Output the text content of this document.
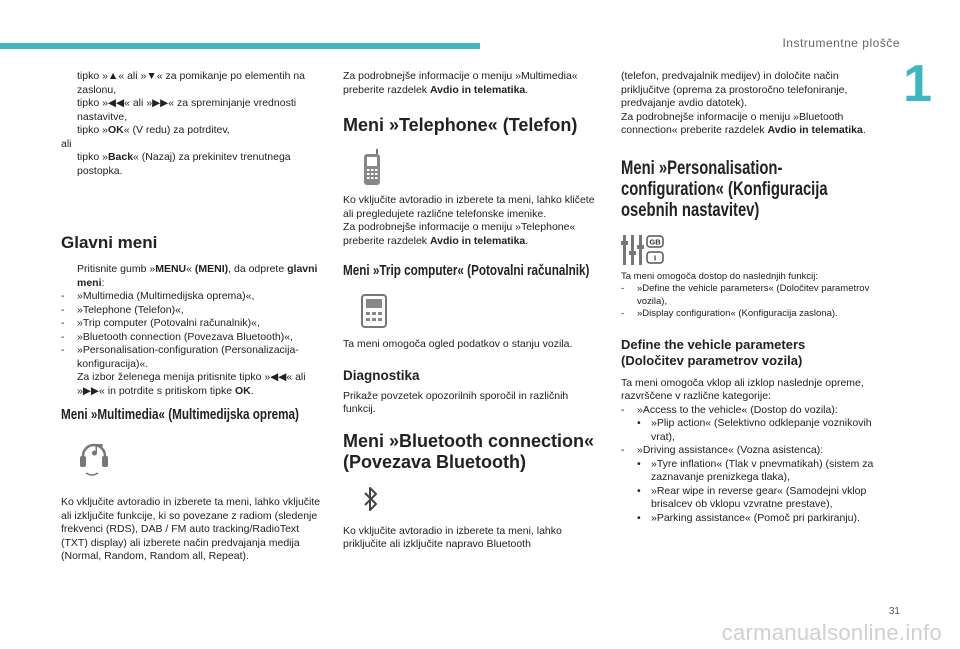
Instrumentne plošče
1
tipko »▲« ali »▼« za pomikanje po elementih na zaslonu,
tipko »◀◀« ali »▶▶« za spreminjanje vrednosti nastavitve,
tipko »OK« (V redu) za potrditev,

ali

tipko »Back« (Nazaj) za prekinitev trenutnega postopka.
Glavni meni
Pritisnite gumb »MENU« (MENI), da odprete glavni meni:
- »Multimedia (Multimedijska oprema)«,
- »Telephone (Telefon)«,
- »Trip computer (Potovalni računalnik)«,
- »Bluetooth connection (Povezava Bluetooth)«,
- »Personalisation-configuration (Personalizacija-konfiguracija)«.
Za izbor želenega menija pritisnite tipko »◀◀« ali »▶▶« in potrdite s pritiskom tipke OK.
Meni »Multimedia« (Multimedijska oprema)

Ko vključite avtoradio in izberete ta meni, lahko vključite ali izključite funkcije, ki so povezane z radiom (sledenje frekvenci (RDS), DAB / FM auto tracking/RadioText (TXT) display) ali izberete način predvajanja medija (Normal, Random, Random all, Repeat).

Za podrobnejše informacije o meniju »Multimedia« preberite razdelek Avdio in telematika.

Meni »Telephone« (Telefon)

Ko vključite avtoradio in izberete ta meni, lahko kličete ali pregledujete različne telefonske imenike.

Za podrobnejše informacije o meniju »Telephone« preberite razdelek Avdio in telematika.

Meni »Trip computer« (Potovalni računalnik)

Ta meni omogoča ogled podatkov o stanju vozila.

Diagnostika

Prikaže povzetek opozorilnih sporočil in različnih funkcij.

Meni »Bluetooth connection« (Povezava Bluetooth)

Ko vključite avtoradio in izberete ta meni, lahko priključite ali izključite napravo Bluetooth

(telefon, predvajalnik medijev) in določite način priključitve (oprema za prostoročno telefoniranje, predvajanje avdio datotek).

Za podrobnejše informacije o meniju »Bluetooth connection« preberite razdelek Avdio in telematika.

Meni »Personalisation-configuration« (Konfiguracija osebnih nastavitev)
GB
I

Ta meni omogoča dostop do naslednjih funkcij:

- »Define the vehicle parameters« (Določitev parametrov vozila),
- »Display configuration« (Konfiguracija zaslona).
Define the vehicle parameters (Določitev parametrov vozila)

Ta meni omogoča vklop ali izklop naslednje opreme, razvrščene v različne kategorije:

- »Access to the vehicle« (Dostop do vozila):
• »Plip action« (Selektivno odklepanje voznikovih vrat),
- »Driving assistance« (Vozna asistenca):
• »Tyre inflation« (Tlak v pnevmatikah) (sistem za zaznavanje prenizkega tlaka),
• »Rear wipe in reverse gear« (Samodejni vklop brisalcev ob vklopu vzvratne prestave),
• »Parking assistance« (Pomoč pri parkiranju).
31
carmanualsonline.info
